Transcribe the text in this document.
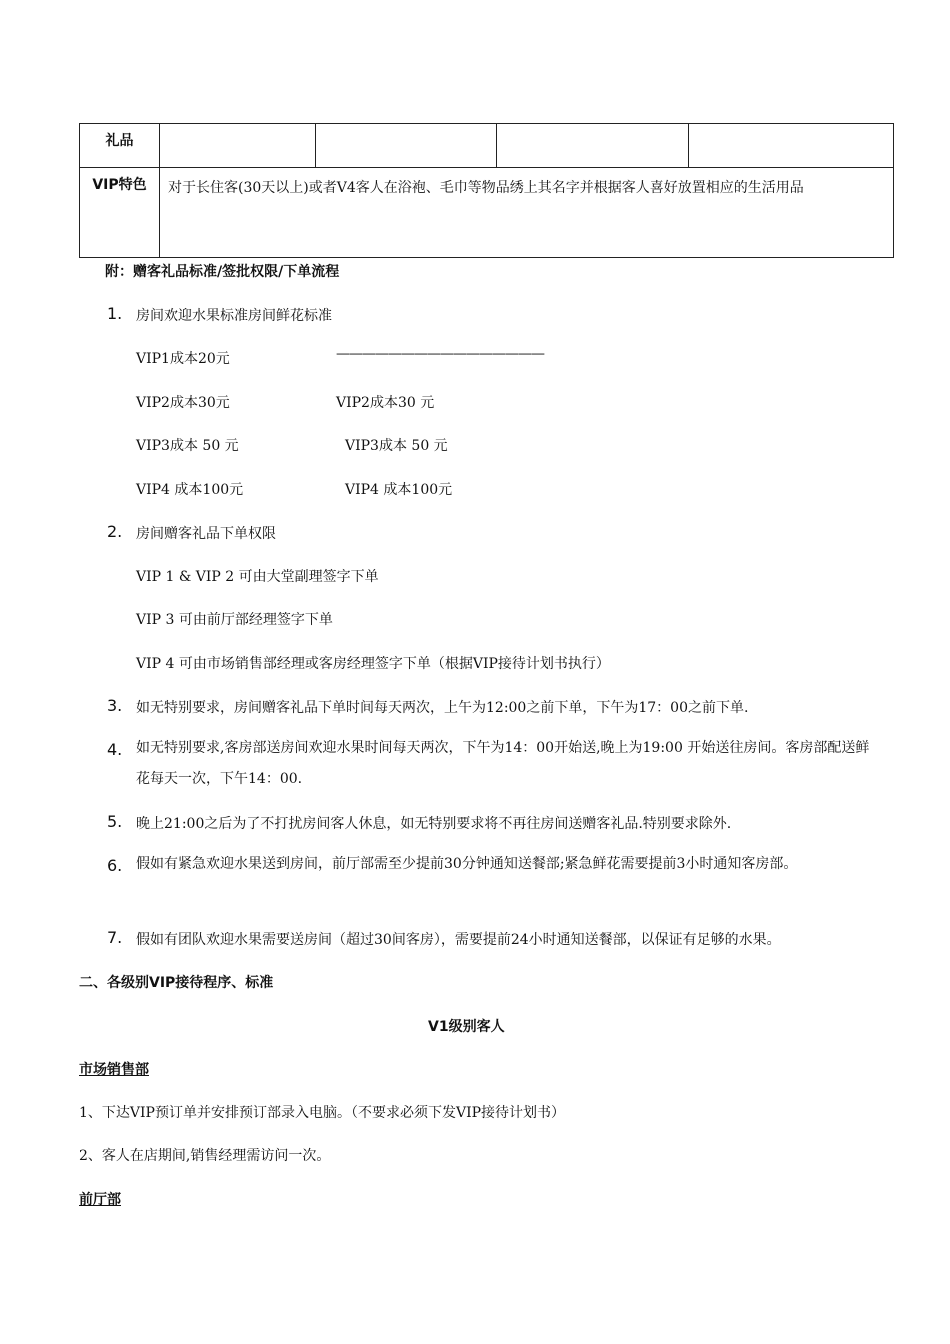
礼品				
VIP特色	对于长住客(30天以上)或者V4客人在浴袍、毛巾等物品绣上其名字并根据客人喜好放置相应的生活用品			
附：赠客礼品标准/签批权限/下单流程
1. 房间欢迎水果标准房间鲜花标准
VIP1成本20元	————————————————
VIP2成本30元	VIP2成本30 元
VIP3成本 50 元	VIP3成本 50 元
VIP4 成本100元	VIP4 成本100元
2. 房间赠客礼品下单权限
VIP 1 & VIP 2 可由大堂副理签字下单
VIP 3 可由前厅部经理签字下单
VIP 4 可由市场销售部经理或客房经理签字下单（根据VIP接待计划书执行）
3. 如无特别要求，房间赠客礼品下单时间每天两次，上午为12:00之前下单，下午为17：00之前下单.
4. 如无特别要求,客房部送房间欢迎水果时间每天两次，下午为14：00开始送,晚上为19:00 开始送往房间。客房部配送鲜花每天一次，下午14：00.
5. 晚上21:00之后为了不打扰房间客人休息，如无特别要求将不再往房间送赠客礼品.特别要求除外.
6. 假如有紧急欢迎水果送到房间，前厅部需至少提前30分钟通知送餐部;紧急鲜花需要提前3小时通知客房部。
7. 假如有团队欢迎水果需要送房间（超过30间客房），需要提前24小时通知送餐部，以保证有足够的水果。
二、各级别VIP接待程序、标准
V1级别客人
市场销售部
1、下达VIP预订单并安排预订部录入电脑。（不要求必须下发VIP接待计划书）
2、客人在店期间,销售经理需访问一次。
前厅部
